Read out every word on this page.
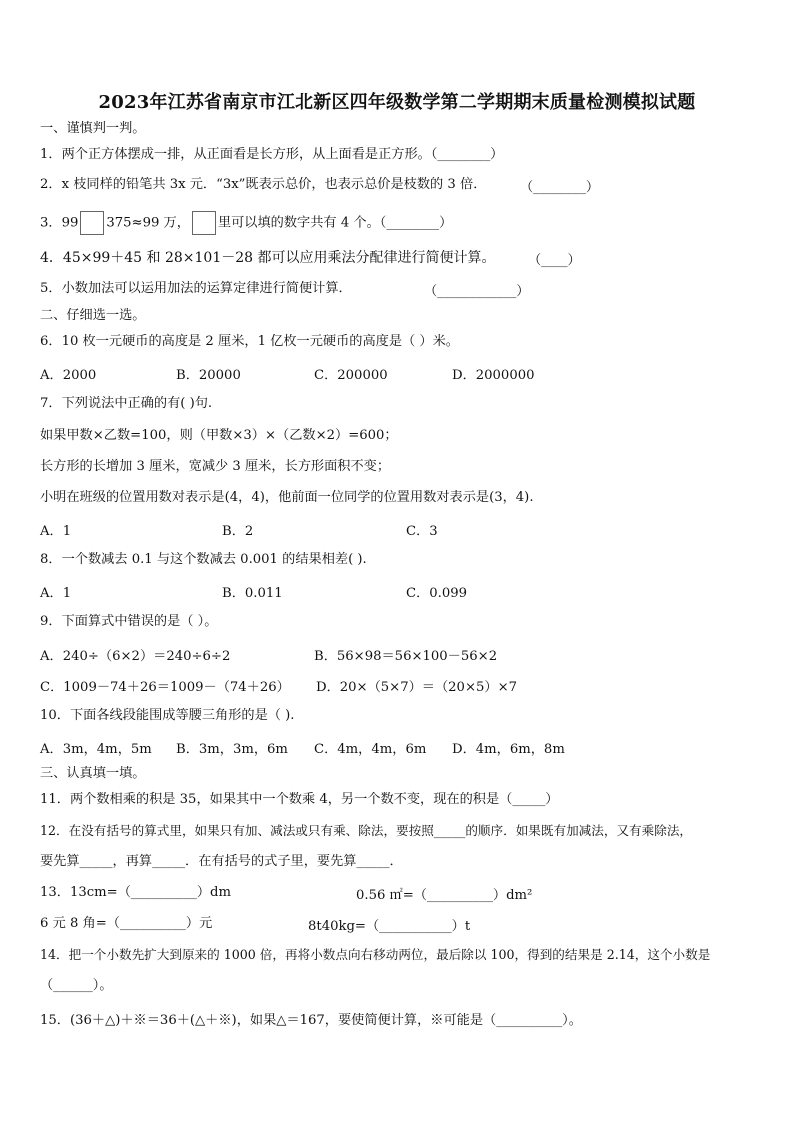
2023年江苏省南京市江北新区四年级数学第二学期期末质量检测模拟试题
一、谨慎判一判。
1．两个正方体摆成一排，从正面看是长方形，从上面看是正方形。（________）
2．x 枝同样的铅笔共 3x 元．“3x”既表示总价，也表示总价是枝数的 3 倍．	（________）
3．99 375≈99 万， 里可以填的数字共有 4 个。（________）
4．45×99＋45 和 28×101－28 都可以应用乘法分配律进行简便计算。 （____）
5．小数加法可以运用加法的运算定律进行简便计算．	（____________）
二、仔细选一选。
6．10 枚一元硬币的高度是 2 厘米，1 亿枚一元硬币的高度是（ ）米。
A．2000	B．20000	C．200000	D．2000000
7．下列说法中正确的有( )句.
如果甲数×乙数=100，则（甲数×3）×（乙数×2）=600；
长方形的长增加 3 厘米，宽减少 3 厘米，长方形面积不变；
小明在班级的位置用数对表示是(4，4)，他前面一位同学的位置用数对表示是(3，4).
A．1	B．2	C．3
8．一个数减去 0.1 与这个数减去 0.001 的结果相差( ).
A．1	B．0.011	C．0.099
9．下面算式中错误的是（ ）。
A．240÷（6×2）＝240÷6÷2	B．56×98＝56×100－56×2
C．1009－74＋26＝1009－（74＋26） D．20×（5×7）＝（20×5）×7
10．下面各线段能围成等腰三角形的是（ ).
A．3m，4m，5m B．3m，3m，6m C．4m，4m，6m D．4m，6m，8m
三、认真填一填。
11．两个数相乘的积是 35，如果其中一个数乘 4，另一个数不变，现在的积是（_____）
12．在没有括号的算式里，如果只有加、减法或只有乘、除法，要按照_____的顺序．如果既有加减法，又有乘除法，
要先算_____，再算_____．在有括号的式子里，要先算_____．
13．13cm=（__________）dm	0.56 ㎡=（__________）dm²
6 元 8 角=（__________）元	8t40kg=（___________）t
14．把一个小数先扩大到原来的 1000 倍，再将小数点向右移动两位，最后除以 100，得到的结果是 2.14，这个小数是
（______）。
15．(36＋△)＋※＝36＋(△＋※)，如果△＝167，要使简便计算，※可能是（__________）。
